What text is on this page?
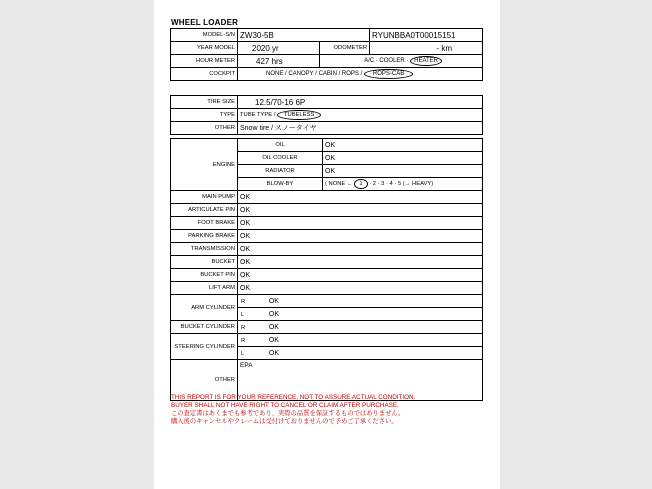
WHEEL LOADER
MODEL-S/N	ZW30-5B		RYUNBBA0T00015151
YEAR MODEL	2020 yr	ODOMETER	- km
HOUR METER	427 hrs	A/C · COOLER · HEATER	
COCKPIT	NONE / CANOPY / CABIN / ROPS / ROPS-CAB		
TIRE SIZE	12.5/70-16 6P
TYPE	TUBE TYPE / TUBELESS
OTHER	Snow tire / スノータイヤ
ENGINE	OIL	OK
	OIL COOLER	OK
	RADIATOR	OK
	BLOW-BY	( NONE ← 1 · 2 · 3 · 4 · 5 (→ HEAVY)
MAIN PUMP	OK	
ARTICULATE PIN	OK	
FOOT BRAKE	OK	
PARKING BRAKE	OK	
TRANSMISSION	OK	
BUCKET	OK	
BUCKET PIN	OK	
LIFT ARM	OK	
ARM CYLINDER	R OK	
	L OK	
BUCKET CYLINDER	R OK	
STEERING CYLINDER	R OK	
	L OK	
OTHER	EPA	
THIS REPORT IS FOR YOUR REFERENCE, NOT TO ASSURE ACTUAL CONDITION.
BUYER SHALL NOT HAVE RIGHT TO CANCEL OR CLAIM AFTER PURCHASE.
この査定書はあくまでも参考であり、実際の品質を保証するものではありません。
購入後のキャンセルやクレームは受付けておりませんので予めご了承ください。
